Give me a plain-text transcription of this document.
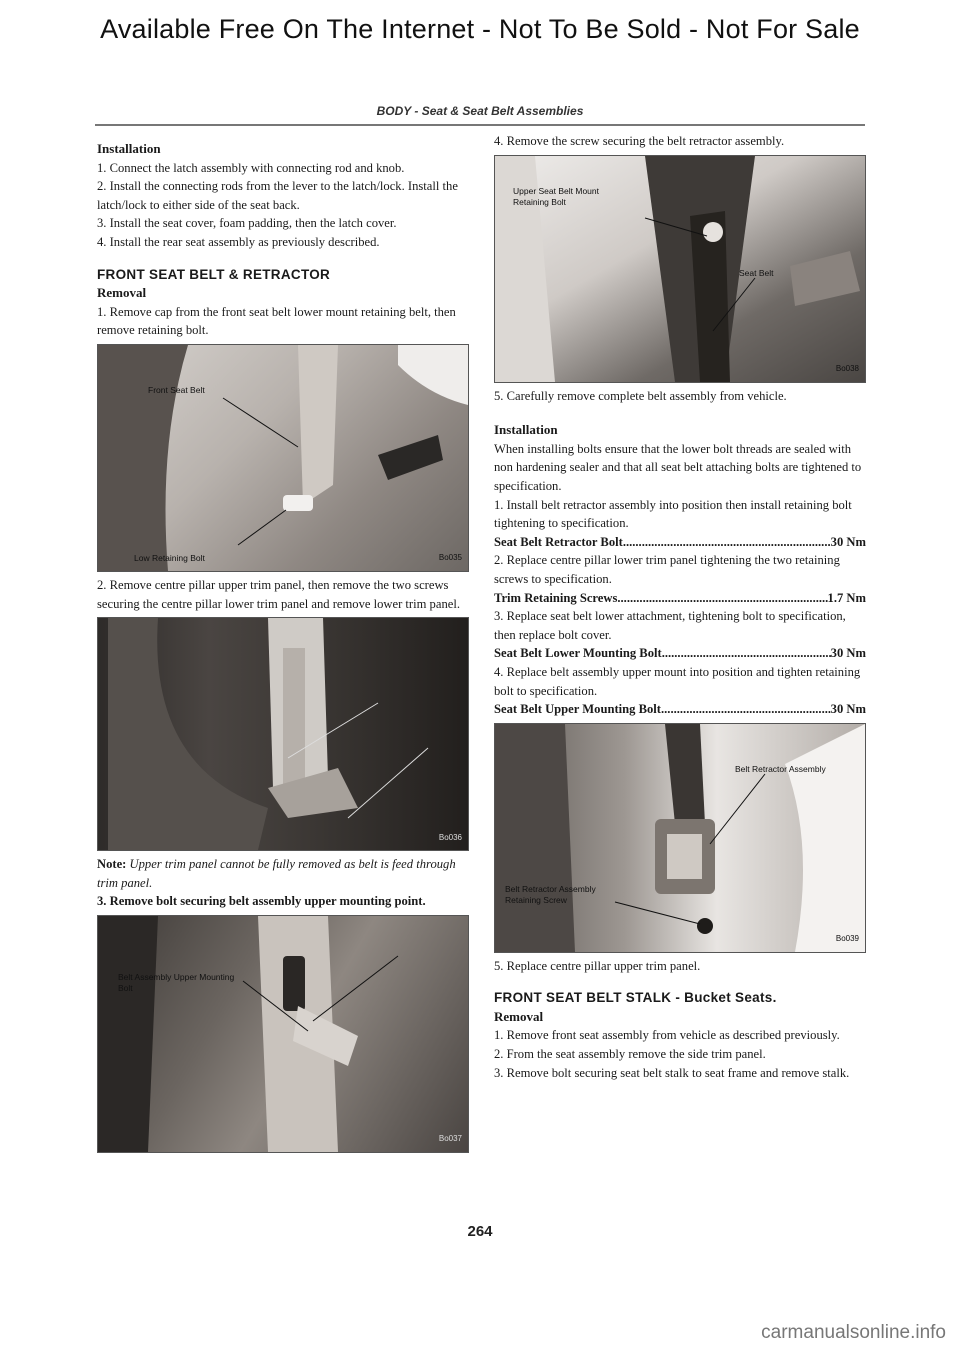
Available Free On The Internet - Not To Be Sold - Not For Sale
BODY - Seat & Seat Belt Assemblies

Installation

1. Connect the latch assembly with connecting rod and knob.

2. Install the connecting rods from the lever to the latch/lock. Install the latch/lock to either side of the seat back.

3. Install the seat cover, foam padding, then the latch cover.

4. Install the rear seat assembly as previously described.

FRONT SEAT BELT & RETRACTOR

Removal

1. Remove cap from the front seat belt lower mount retaining belt, then remove retaining bolt.

Front Seat Belt
Low Retaining Bolt	Bo035

2. Remove centre pillar upper trim panel, then remove the two screws securing the centre pillar lower trim panel and remove lower trim panel.

Bo036

Note: Upper trim panel cannot be fully removed as belt is feed through trim panel.

3. Remove bolt securing belt assembly upper mounting point.

Belt Assembly Upper Mounting Bolt
Bo037

4. Remove the screw securing the belt retractor assembly.

Upper Seat Belt Mount Retaining Bolt
Seat Belt
Bo038

5. Carefully remove complete belt assembly from vehicle.

Installation

When installing bolts ensure that the lower bolt threads are sealed with non hardening sealer and that all seat belt attaching bolts are tightened to specification.

1. Install belt retractor assembly into position then install retaining bolt tightening to specification.

Seat Belt Retractor Bolt .....	30 Nm

2. Replace centre pillar lower trim panel tightening the two retaining screws to specification.

Trim Retaining Screws .....	1.7 Nm

3. Replace seat belt lower attachment, tightening bolt to specification, then replace bolt cover.

Seat Belt Lower Mounting Bolt .....	30 Nm

4. Replace belt assembly upper mount into position and tighten retaining bolt to specification.

Seat Belt Upper Mounting Bolt .....	30 Nm

Belt Retractor Assembly
Belt Retractor Assembly Retaining Screw
Bo039

5. Replace centre pillar upper trim panel.

FRONT SEAT BELT STALK - Bucket Seats.

Removal

1. Remove front seat assembly from vehicle as described previously.

2. From the seat assembly remove the side trim panel.

3. Remove bolt securing seat belt stalk to seat frame and remove stalk.

264
carmanualsonline.info
